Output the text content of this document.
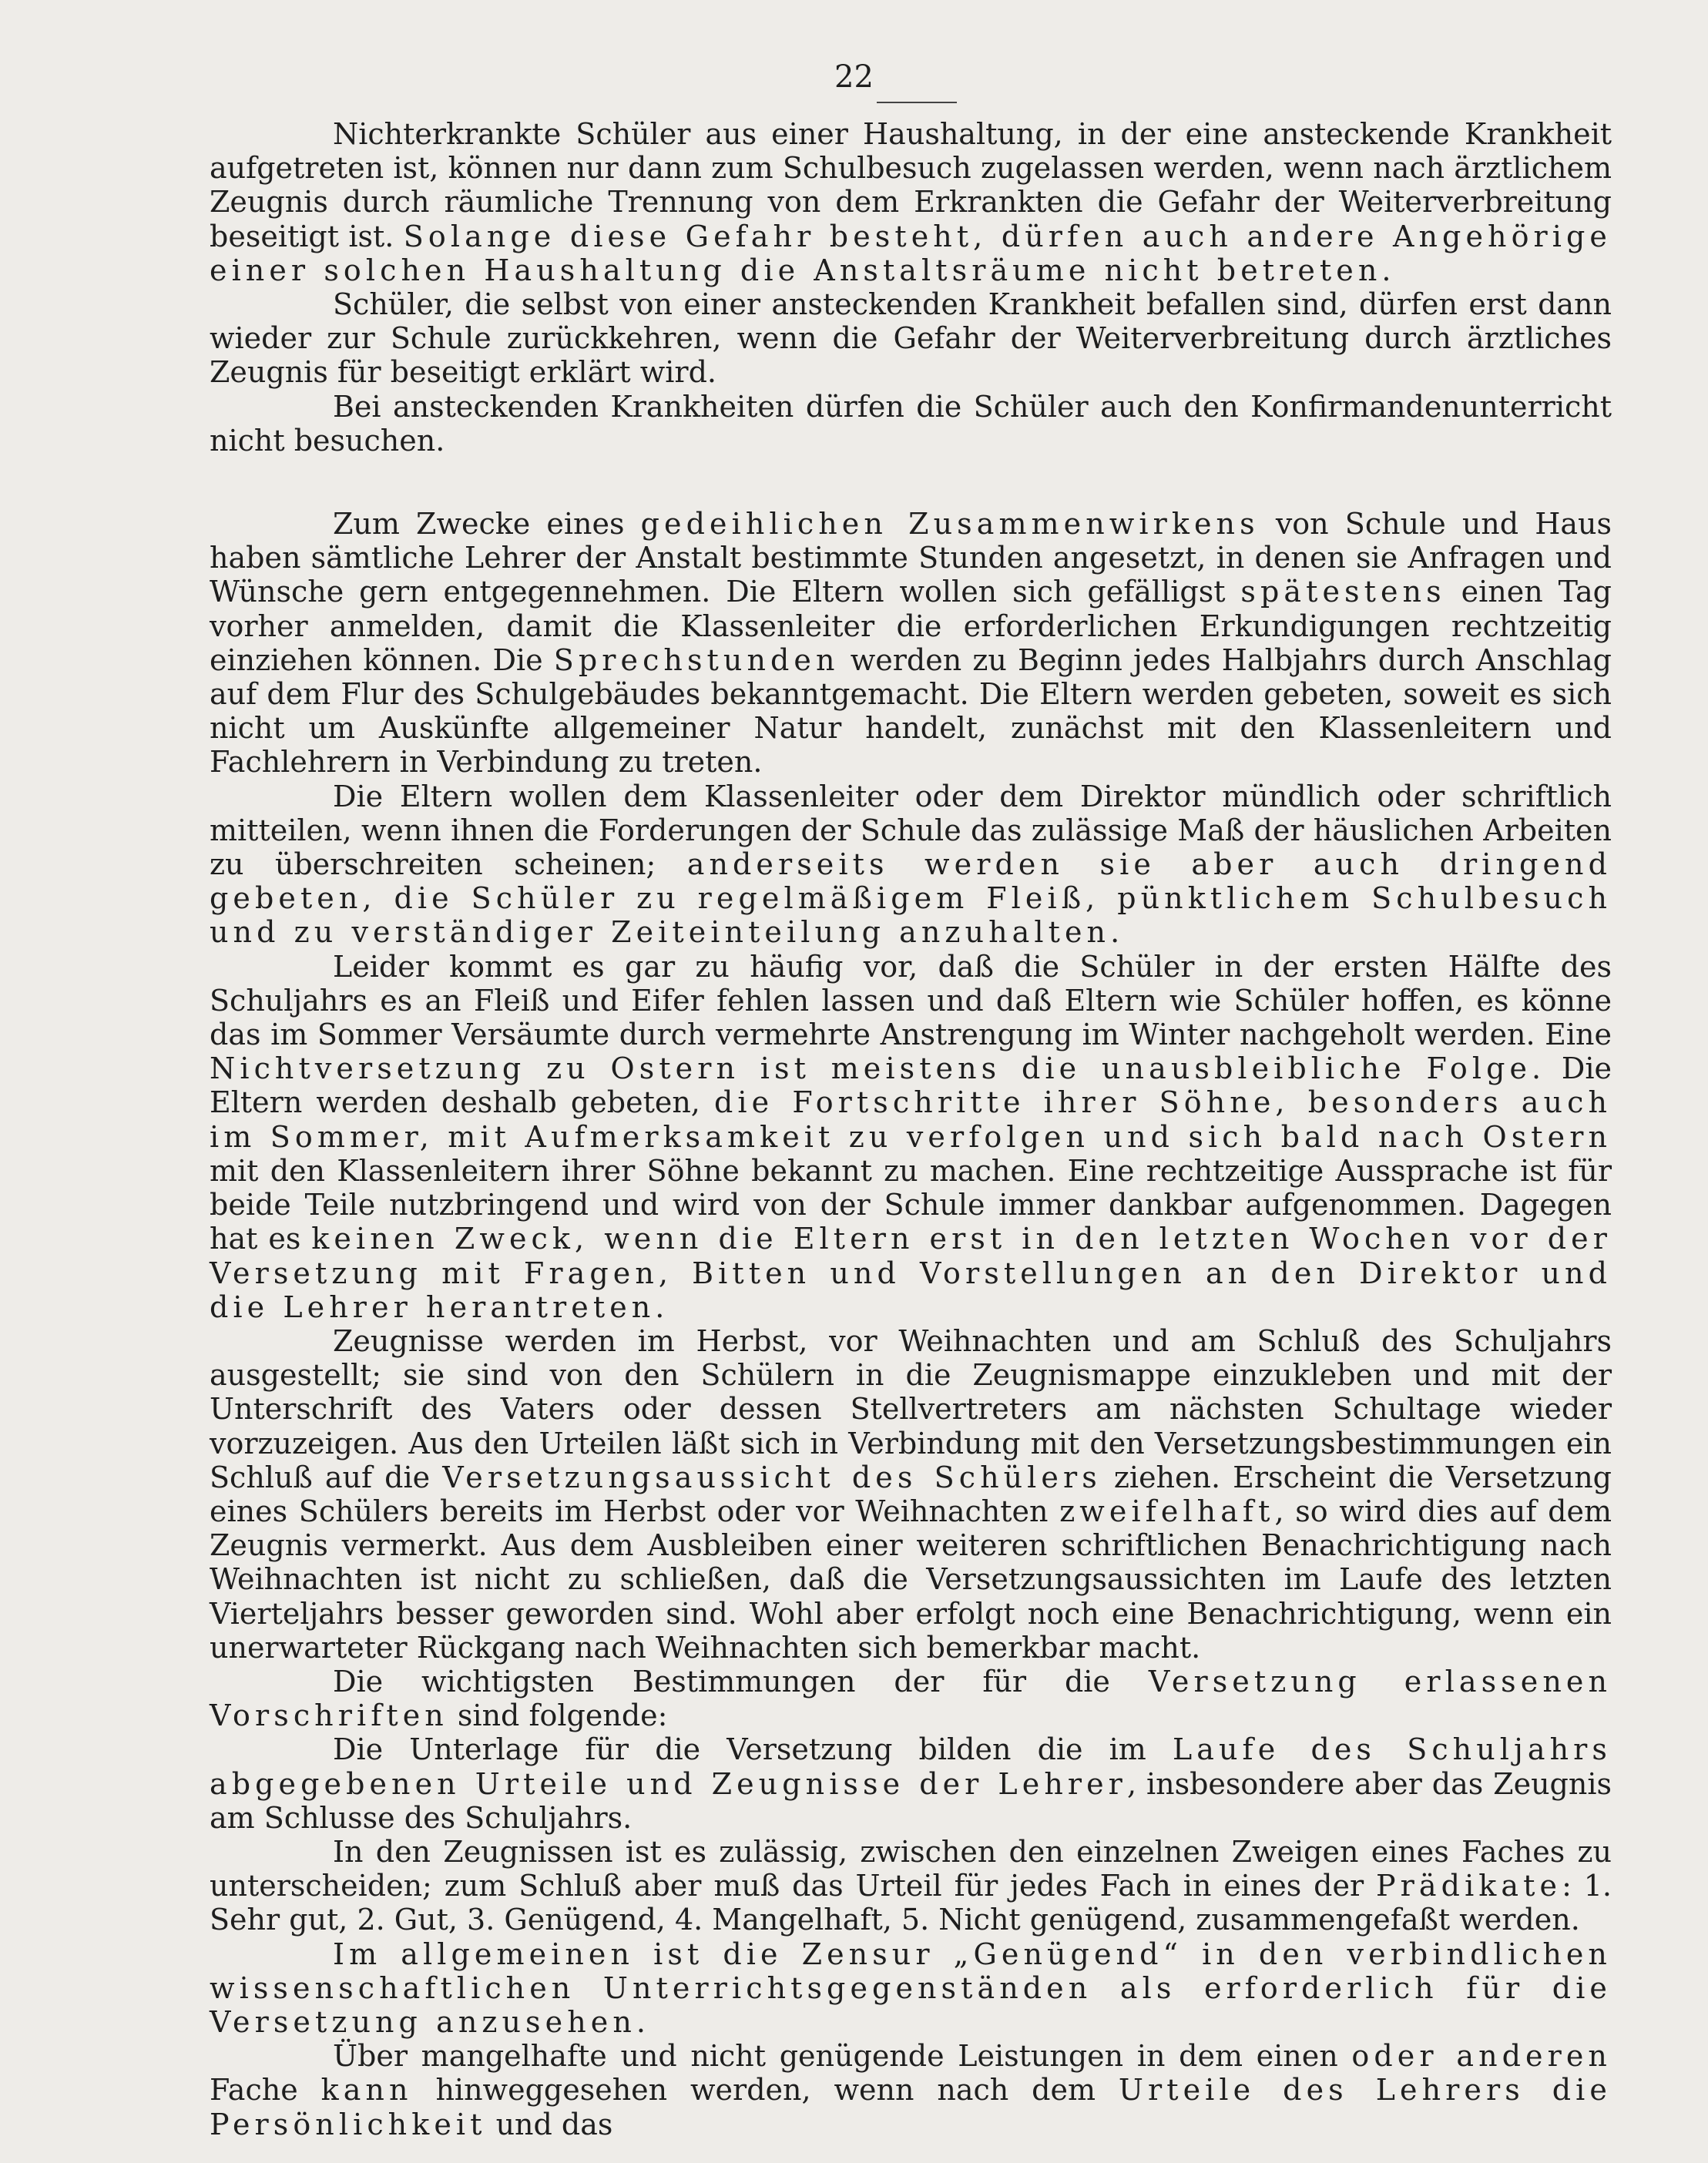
22

Nichterkrankte Schüler aus einer Haushaltung, in der eine ansteckende Krankheit aufgetreten ist, können nur dann zum Schulbesuch zugelassen werden, wenn nach ärztlichem Zeugnis durch räumliche Trennung von dem Erkrankten die Gefahr der Weiterverbreitung beseitigt ist. Solange diese Gefahr besteht, dürfen auch andere Angehörige einer solchen Haushaltung die Anstaltsräume nicht betreten.

Schüler, die selbst von einer ansteckenden Krankheit befallen sind, dürfen erst dann wieder zur Schule zurückkehren, wenn die Gefahr der Weiterverbreitung durch ärztliches Zeugnis für beseitigt erklärt wird.

Bei ansteckenden Krankheiten dürfen die Schüler auch den Konfirmandenunterricht nicht besuchen.

Zum Zwecke eines gedeihlichen Zusammenwirkens von Schule und Haus haben sämtliche Lehrer der Anstalt bestimmte Stunden angesetzt, in denen sie Anfragen und Wünsche gern entgegennehmen. Die Eltern wollen sich gefälligst spätestens einen Tag vorher anmelden, damit die Klassenleiter die erforderlichen Erkundigungen rechtzeitig einziehen können. Die Sprechstunden werden zu Beginn jedes Halbjahrs durch Anschlag auf dem Flur des Schulgebäudes bekanntgemacht. Die Eltern werden gebeten, soweit es sich nicht um Auskünfte allgemeiner Natur handelt, zunächst mit den Klassenleitern und Fachlehrern in Verbindung zu treten.

Die Eltern wollen dem Klassenleiter oder dem Direktor mündlich oder schriftlich mitteilen, wenn ihnen die Forderungen der Schule das zulässige Maß der häuslichen Arbeiten zu überschreiten scheinen; anderseits werden sie aber auch dringend gebeten, die Schüler zu regelmäßigem Fleiß, pünktlichem Schulbesuch und zu verständiger Zeiteinteilung anzuhalten.

Leider kommt es gar zu häufig vor, daß die Schüler in der ersten Hälfte des Schuljahrs es an Fleiß und Eifer fehlen lassen und daß Eltern wie Schüler hoffen, es könne das im Sommer Versäumte durch vermehrte Anstrengung im Winter nachgeholt werden. Eine Nichtversetzung zu Ostern ist meistens die unausbleibliche Folge. Die Eltern werden deshalb gebeten, die Fortschritte ihrer Söhne, besonders auch im Sommer, mit Aufmerksamkeit zu verfolgen und sich bald nach Ostern mit den Klassenleitern ihrer Söhne bekannt zu machen. Eine rechtzeitige Aussprache ist für beide Teile nutzbringend und wird von der Schule immer dankbar aufgenommen. Dagegen hat es keinen Zweck, wenn die Eltern erst in den letzten Wochen vor der Versetzung mit Fragen, Bitten und Vorstellungen an den Direktor und die Lehrer herantreten.

Zeugnisse werden im Herbst, vor Weihnachten und am Schluß des Schuljahrs ausgestellt; sie sind von den Schülern in die Zeugnismappe einzukleben und mit der Unterschrift des Vaters oder dessen Stellvertreters am nächsten Schultage wieder vorzuzeigen. Aus den Urteilen läßt sich in Verbindung mit den Versetzungsbestimmungen ein Schluß auf die Versetzungsaussicht des Schülers ziehen. Erscheint die Versetzung eines Schülers bereits im Herbst oder vor Weihnachten zweifelhaft, so wird dies auf dem Zeugnis vermerkt. Aus dem Ausbleiben einer weiteren schriftlichen Benachrichtigung nach Weihnachten ist nicht zu schließen, daß die Versetzungsaussichten im Laufe des letzten Vierteljahrs besser geworden sind. Wohl aber erfolgt noch eine Benachrichtigung, wenn ein unerwarteter Rückgang nach Weihnachten sich bemerkbar macht.

Die wichtigsten Bestimmungen der für die Versetzung erlassenen Vorschriften sind folgende:

Die Unterlage für die Versetzung bilden die im Laufe des Schuljahrs abgegebenen Urteile und Zeugnisse der Lehrer, insbesondere aber das Zeugnis am Schlusse des Schuljahrs.

In den Zeugnissen ist es zulässig, zwischen den einzelnen Zweigen eines Faches zu unterscheiden; zum Schluß aber muß das Urteil für jedes Fach in eines der Prädikate: 1. Sehr gut, 2. Gut, 3. Genügend, 4. Mangelhaft, 5. Nicht genügend, zusammengefaßt werden.

Im allgemeinen ist die Zensur „Genügend“ in den verbindlichen wissenschaftlichen Unterrichtsgegenständen als erforderlich für die Versetzung anzusehen.

Über mangelhafte und nicht genügende Leistungen in dem einen oder anderen Fache kann hinweggesehen werden, wenn nach dem Urteile des Lehrers die Persönlichkeit und das
